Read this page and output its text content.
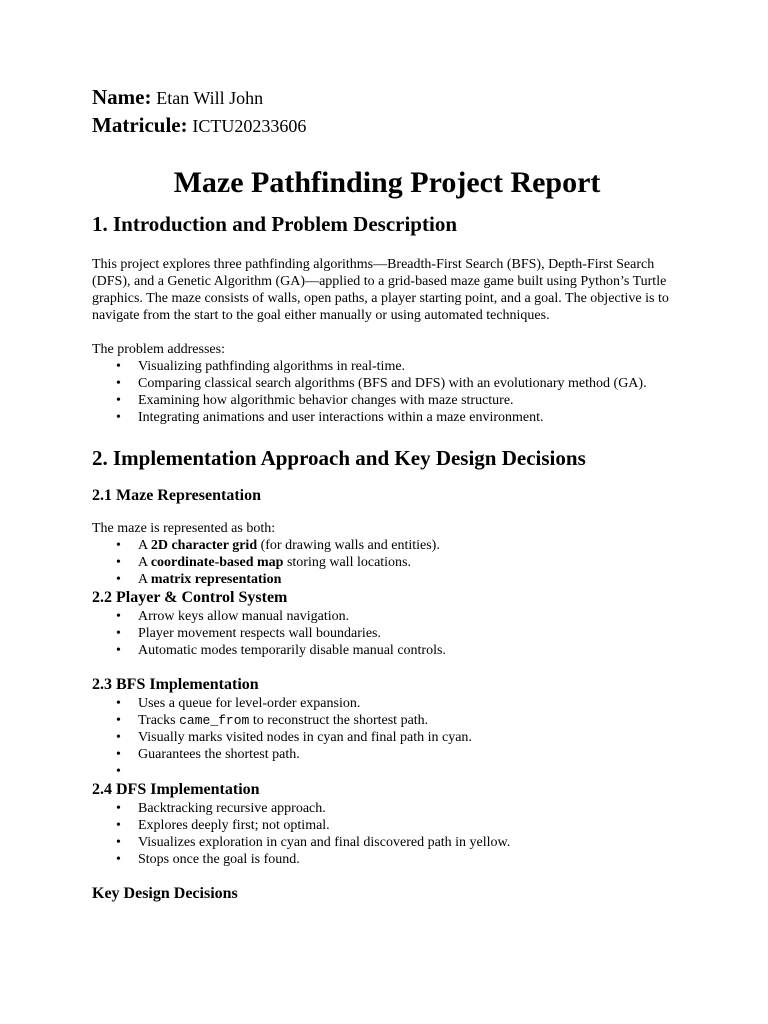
Name: Etan Will John
Matricule: ICTU20233606
Maze Pathfinding Project Report
1. Introduction and Problem Description

This project explores three pathfinding algorithms—Breadth-First Search (BFS), Depth-First Search (DFS), and a Genetic Algorithm (GA)—applied to a grid-based maze game built using Python’s Turtle graphics. The maze consists of walls, open paths, a player starting point, and a goal. The objective is to navigate from the start to the goal either manually or using automated techniques.

The problem addresses:

• Visualizing pathfinding algorithms in real-time.
• Comparing classical search algorithms (BFS and DFS) with an evolutionary method (GA).
• Examining how algorithmic behavior changes with maze structure.
• Integrating animations and user interactions within a maze environment.
2. Implementation Approach and Key Design Decisions
2.1 Maze Representation

The maze is represented as both:

• A 2D character grid (for drawing walls and entities).
• A coordinate-based map storing wall locations.
• A matrix representation
2.2 Player & Control System
• Arrow keys allow manual navigation.
• Player movement respects wall boundaries.
• Automatic modes temporarily disable manual controls.
2.3 BFS Implementation
• Uses a queue for level-order expansion.
• Tracks came_from to reconstruct the shortest path.
• Visually marks visited nodes in cyan and final path in cyan.
• Guarantees the shortest path.
•
2.4 DFS Implementation
• Backtracking recursive approach.
• Explores deeply first; not optimal.
• Visualizes exploration in cyan and final discovered path in yellow.
• Stops once the goal is found.
Key Design Decisions
